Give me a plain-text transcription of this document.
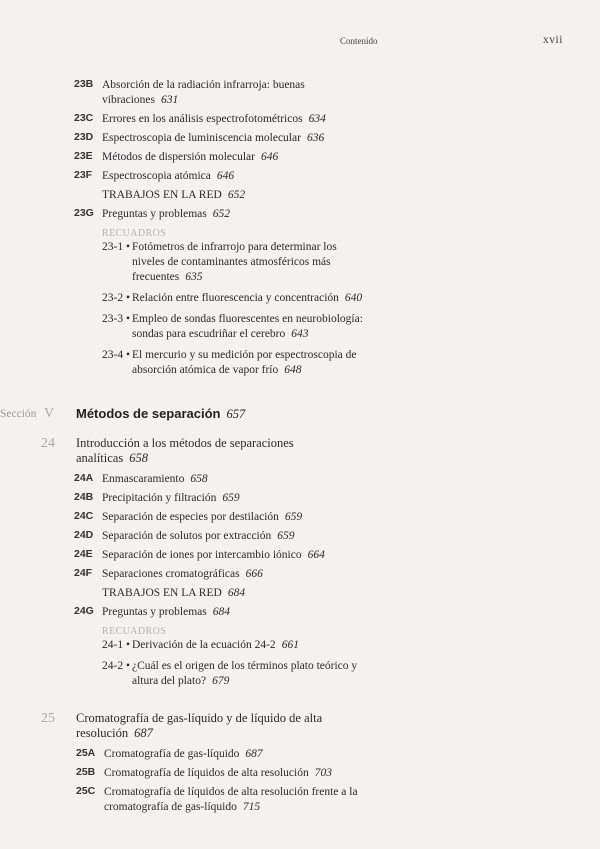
Contenido	xvii
23B Absorción de la radiación infrarroja: buenas vibraciones 631
23C Errores en los análisis espectrofotométricos 634
23D Espectroscopia de luminiscencia molecular 636
23E Métodos de dispersión molecular 646
23F Espectroscopia atómica 646
TRABAJOS EN LA RED 652
23G Preguntas y problemas 652
RECUADROS
23-1 • Fotómetros de infrarrojo para determinar los niveles de contaminantes atmosféricos más frecuentes 635
23-2 • Relación entre fluorescencia y concentración 640
23-3 • Empleo de sondas fluorescentes en neurobiología: sondas para escudriñar el cerebro 643
23-4 • El mercurio y su medición por espectroscopia de absorción atómica de vapor frío 648
Sección V Métodos de separación 657
24 Introducción a los métodos de separaciones analíticas 658
24A Enmascaramiento 658
24B Precipitación y filtración 659
24C Separación de especies por destilación 659
24D Separación de solutos por extracción 659
24E Separación de iones por intercambio iónico 664
24F Separaciones cromatográficas 666
TRABAJOS EN LA RED 684
24G Preguntas y problemas 684
RECUADROS
24-1 • Derivación de la ecuación 24-2 661
24-2 • ¿Cuál es el origen de los términos plato teórico y altura del plato? 679
25 Cromatografía de gas-líquido y de líquido de alta resolución 687
25A Cromatografía de gas-líquido 687
25B Cromatografía de líquidos de alta resolución 703
25C Cromatografía de líquidos de alta resolución frente a la cromatografía de gas-líquido 715
